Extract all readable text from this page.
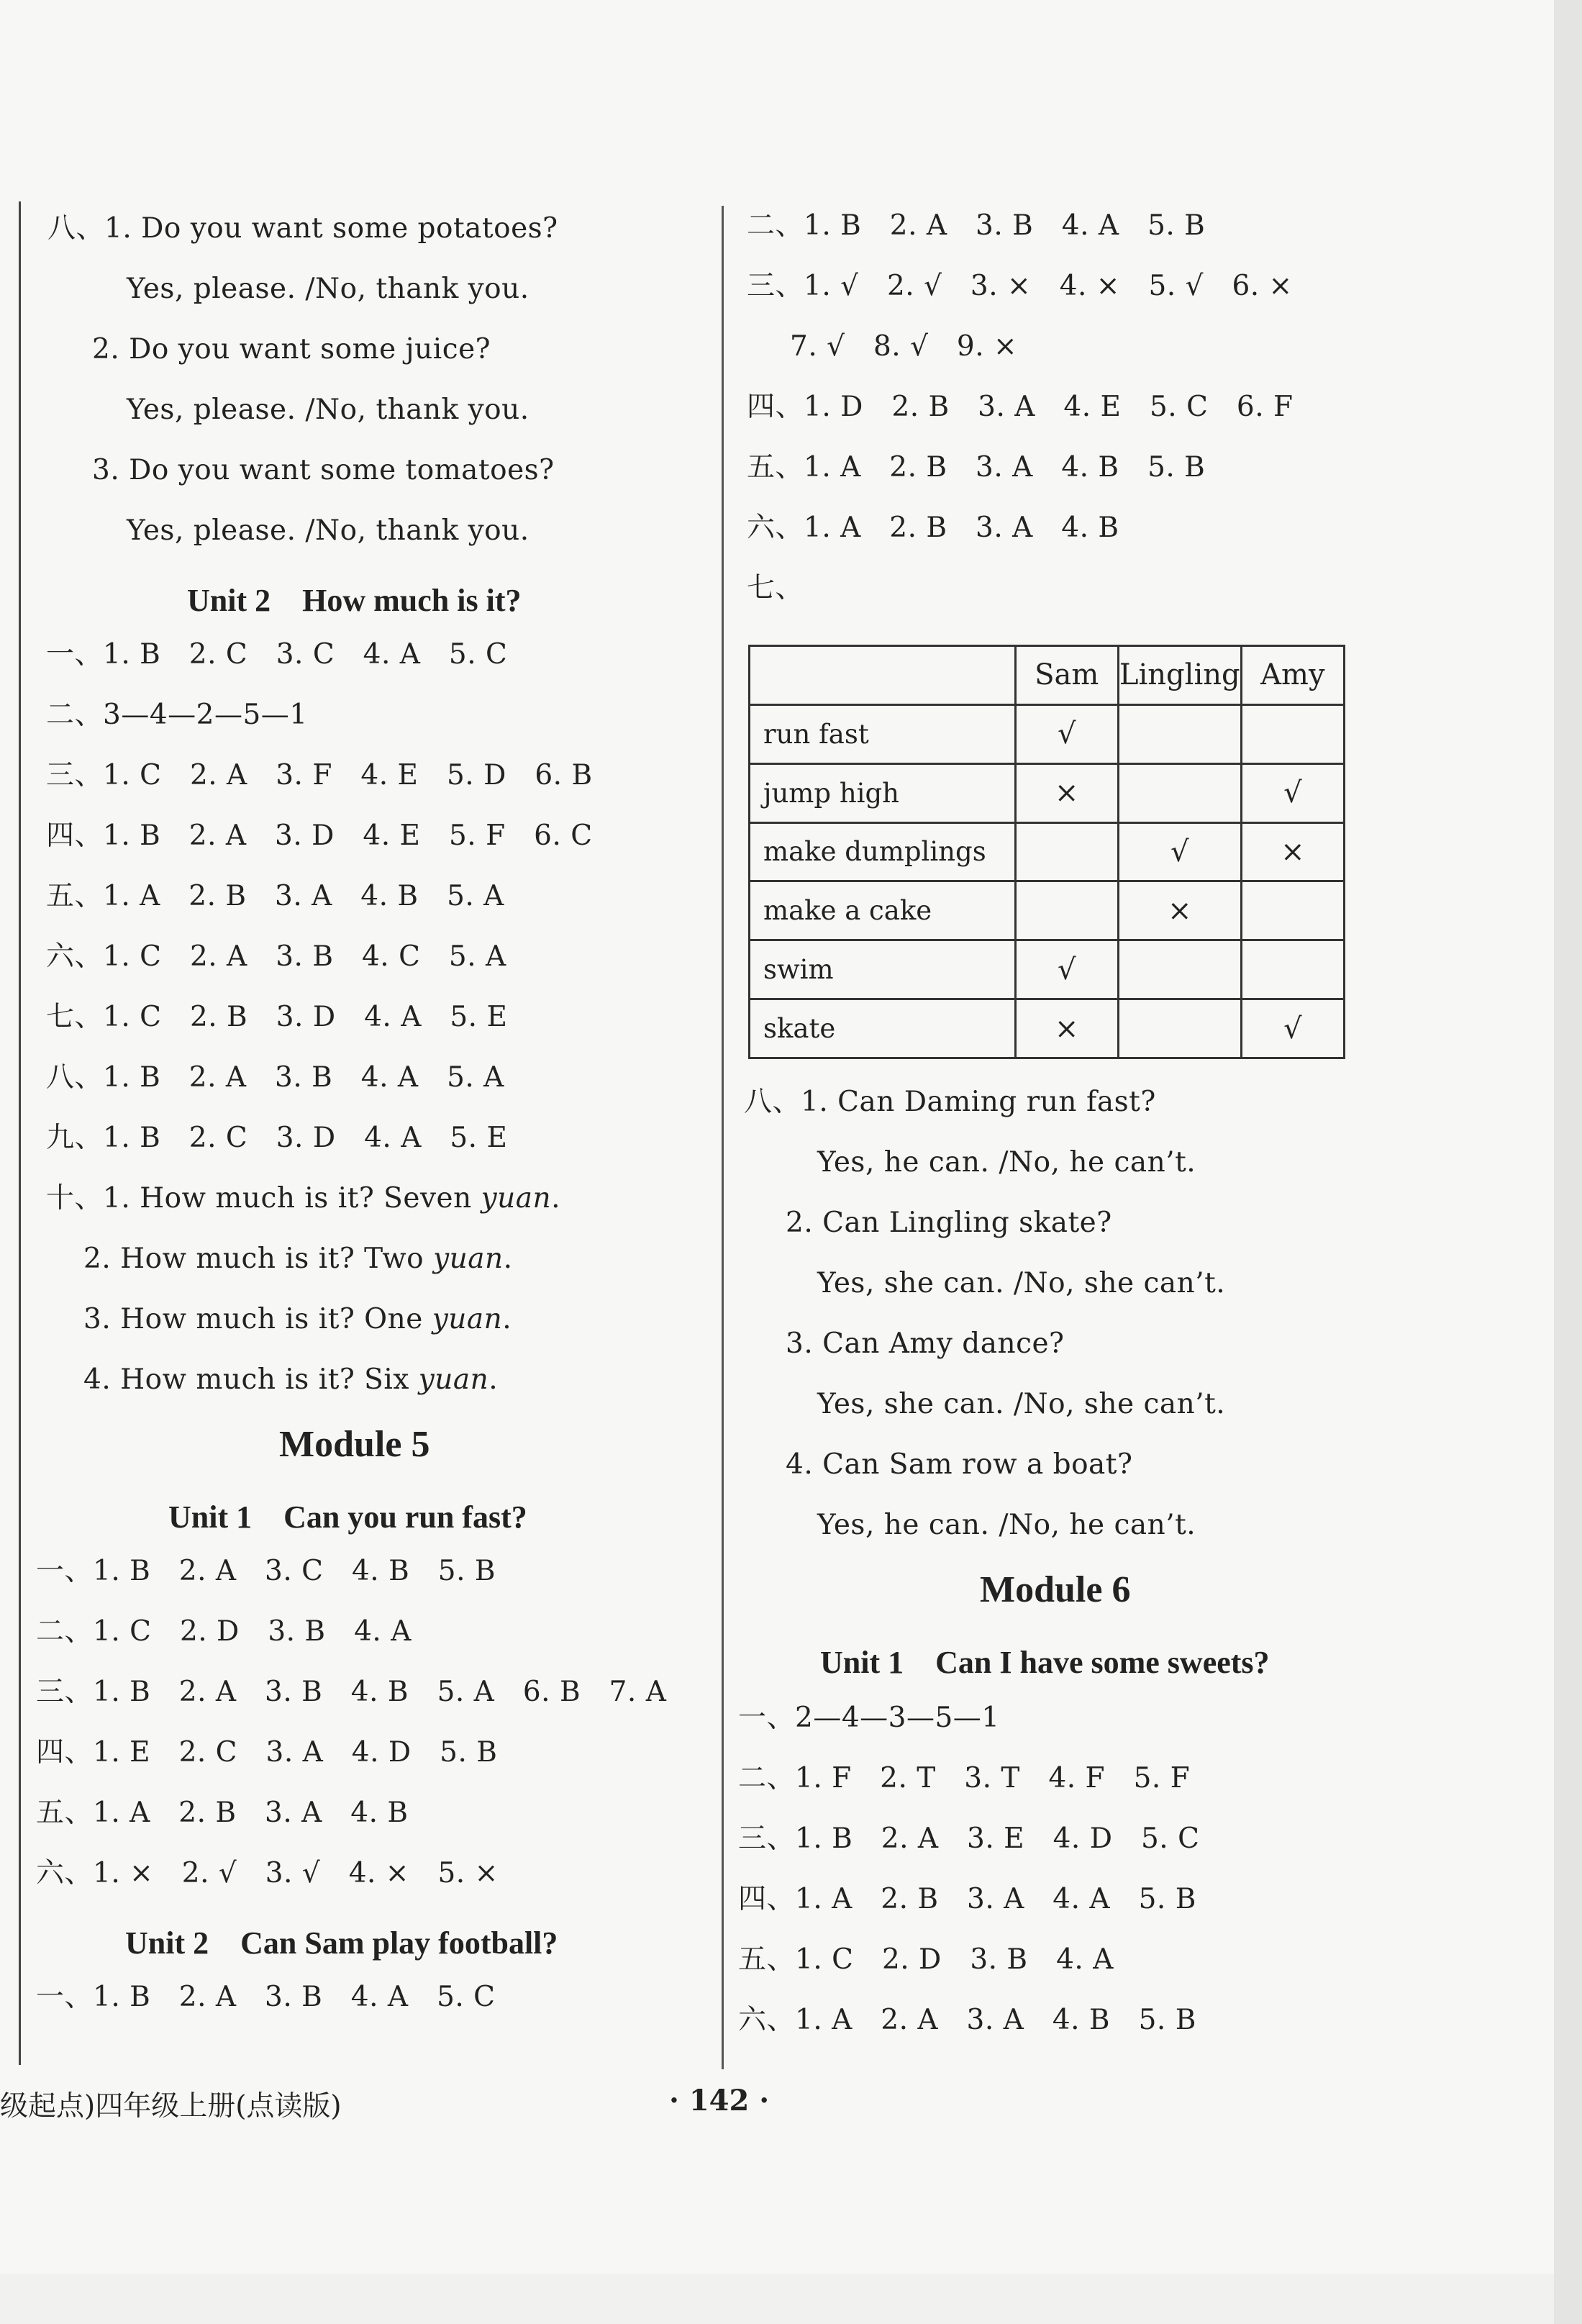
八、1. Do you want some potatoes?
Yes, please. /No, thank you.
2. Do you want some juice?
Yes, please. /No, thank you.
3. Do you want some tomatoes?
Yes, please. /No, thank you.
Unit 2　How much is it?
一、1. B　2. C　3. C　4. A　5. C
二、3—4—2—5—1
三、1. C　2. A　3. F　4. E　5. D　6. B
四、1. B　2. A　3. D　4. E　5. F　6. C
五、1. A　2. B　3. A　4. B　5. A
六、1. C　2. A　3. B　4. C　5. A
七、1. C　2. B　3. D　4. A　5. E
八、1. B　2. A　3. B　4. A　5. A
九、1. B　2. C　3. D　4. A　5. E
十、1. How much is it? Seven yuan.
2. How much is it? Two yuan.
3. How much is it? One yuan.
4. How much is it? Six yuan.
Module 5
Unit 1　Can you run fast?
一、1. B　2. A　3. C　4. B　5. B
二、1. C　2. D　3. B　4. A
三、1. B　2. A　3. B　4. B　5. A　6. B　7. A
四、1. E　2. C　3. A　4. D　5. B
五、1. A　2. B　3. A　4. B
六、1. ×　2. √　3. √　4. ×　5. ×
Unit 2　Can Sam play football?
一、1. B　2. A　3. B　4. A　5. C
二、1. B　2. A　3. B　4. A　5. B
三、1. √　2. √　3. ×　4. ×　5. √　6. ×
7. √　8. √　9. ×
四、1. D　2. B　3. A　4. E　5. C　6. F
五、1. A　2. B　3. A　4. B　5. B
六、1. A　2. B　3. A　4. B
七、
	Sam	Lingling	Amy
run fast	√		
jump high	×		√
make dumplings		√	×
make a cake		×	
swim	√		
skate	×		√
八、1. Can Daming run fast?
Yes, he can. /No, he can’t.
2. Can Lingling skate?
Yes, she can. /No, she can’t.
3. Can Amy dance?
Yes, she can. /No, she can’t.
4. Can Sam row a boat?
Yes, he can. /No, he can’t.
Module 6
Unit 1　Can I have some sweets?
一、2—4—3—5—1
二、1. F　2. T　3. T　4. F　5. F
三、1. B　2. A　3. E　4. D　5. C
四、1. A　2. B　3. A　4. A　5. B
五、1. C　2. D　3. B　4. A
六、1. A　2. A　3. A　4. B　5. B
级起点)四年级上册(点读版)	· 142 ·
